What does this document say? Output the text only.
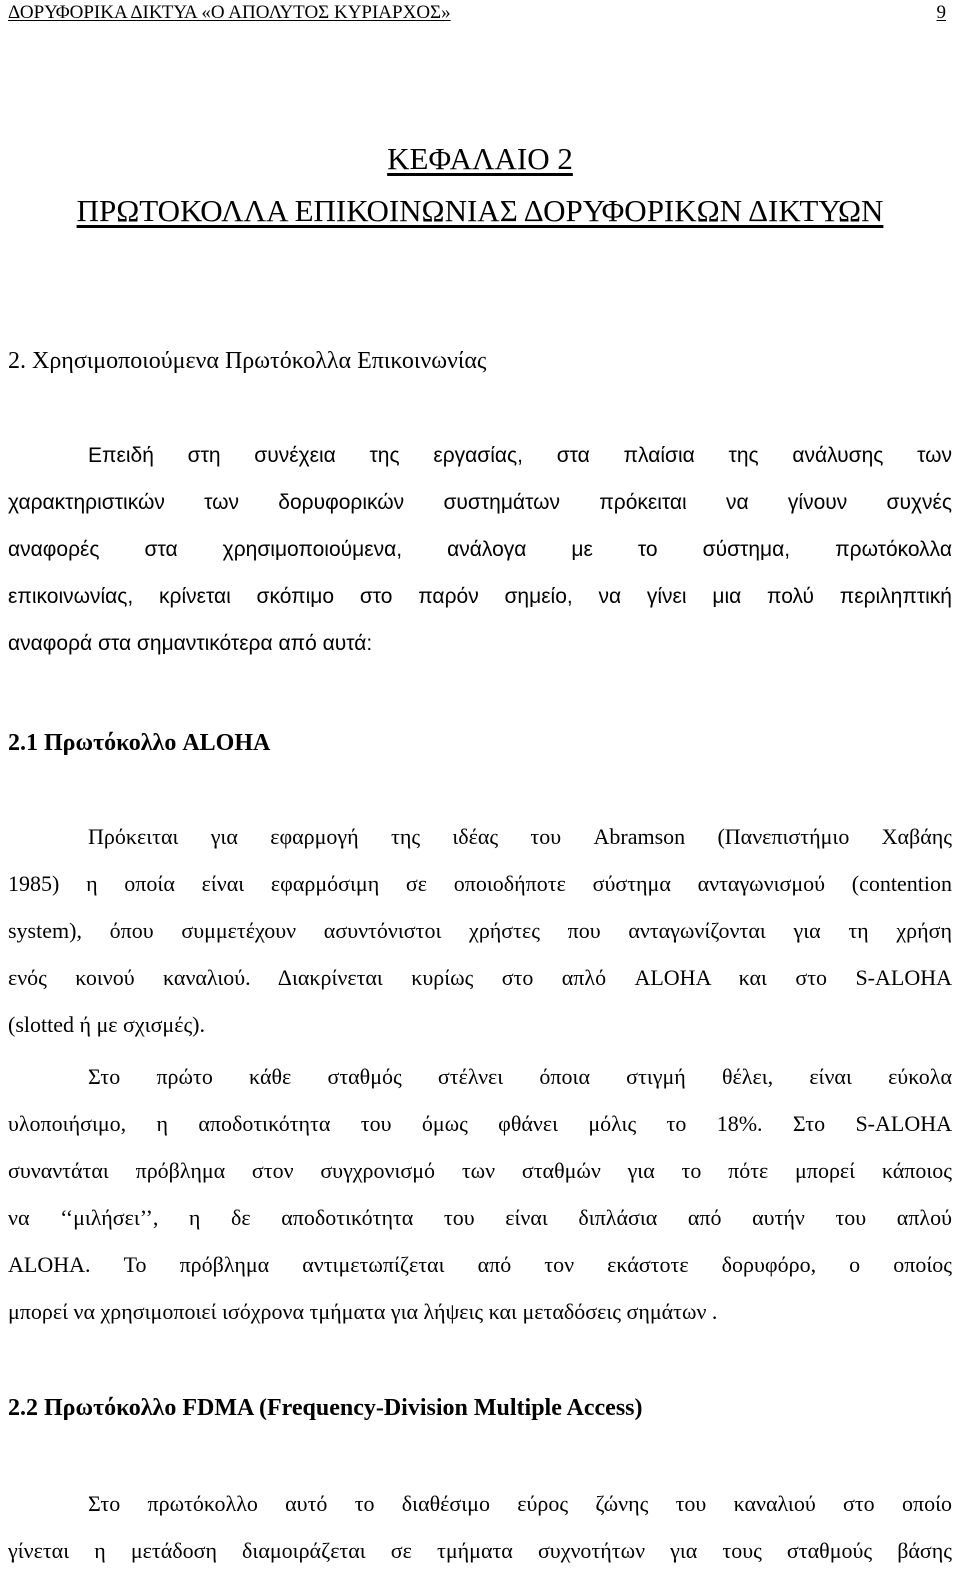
ΔΟΡΥΦΟΡΙΚΑ ΔΙΚΤΥΑ «Ο ΑΠΟΛΥΤΟΣ ΚΥΡΙΑΡΧΟΣ»	9
ΚΕΦΑΛΑΙΟ 2
ΠΡΩΤΟΚΟΛΛΑ ΕΠΙΚΟΙΝΩΝΙΑΣ ΔΟΡΥΦΟΡΙΚΩΝ ΔΙΚΤΥΩΝ
2. Χρησιμοποιούμενα Πρωτόκολλα Επικοινωνίας
Επειδή στη συνέχεια της εργασίας, στα πλαίσια της ανάλυσης των
χαρακτηριστικών των δορυφορικών συστημάτων πρόκειται να γίνουν συχνές
αναφορές στα χρησιμοποιούμενα, ανάλογα με το σύστημα, πρωτόκολλα
επικοινωνίας, κρίνεται σκόπιμο στο παρόν σημείο, να γίνει μια πολύ περιληπτική
αναφορά στα σημαντικότερα από αυτά:
2.1 Πρωτόκολλο ALOHA
Πρόκειται για εφαρμογή της ιδέας του Abramson (Πανεπιστήμιο Χαβάης
1985) η οποία είναι εφαρμόσιμη σε οποιοδήποτε σύστημα ανταγωνισμού (contention
system), όπου συμμετέχουν ασυντόνιστοι χρήστες που ανταγωνίζονται για τη χρήση
ενός κοινού καναλιού. Διακρίνεται κυρίως στο απλό ALOHA και στο S-ALOHA
(slotted ή με σχισμές).
Στο πρώτο κάθε σταθμός στέλνει όποια στιγμή θέλει, είναι εύκολα
υλοποιήσιμο, η αποδοτικότητα του όμως φθάνει μόλις το 18%. Στο S-ALOHA
συναντάται πρόβλημα στον συγχρονισμό των σταθμών για το πότε μπορεί κάποιος
να ‘‘μιλήσει’’, η δε αποδοτικότητα του είναι διπλάσια από αυτήν του απλού
ALOHA. Το πρόβλημα αντιμετωπίζεται από τον εκάστοτε δορυφόρο, ο οποίος
μπορεί να χρησιμοποιεί ισόχρονα τμήματα για λήψεις και μεταδόσεις σημάτων .
2.2 Πρωτόκολλο FDMA (Frequency-Division Multiple Access)
Στο πρωτόκολλο αυτό το διαθέσιμο εύρος ζώνης του καναλιού στο οποίο
γίνεται η μετάδοση διαμοιράζεται σε τμήματα συχνοτήτων για τους σταθμούς βάσης
